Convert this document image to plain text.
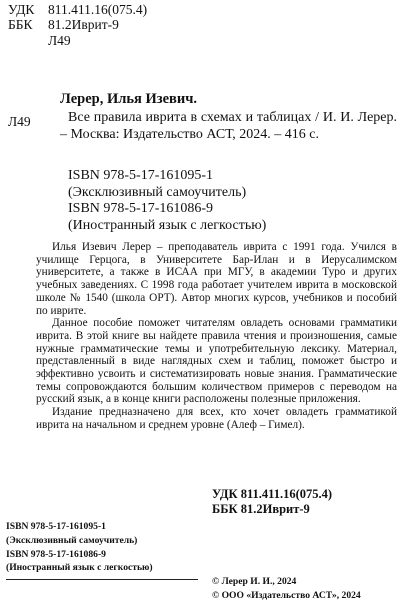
УДК 811.411.16(075.4)
ББК 81.2Иврит-9
Л49
Лерер, Илья Изевич.
Л49	Все правила иврита в схемах и таблицах / И. И. Лерер. – Москва: Издательство АСТ, 2024. – 416 с.
ISBN 978-5-17-161095-1
(Эксклюзивный самоучитель)
ISBN 978-5-17-161086-9
(Иностранный язык с легкостью)

Илья Изевич Лерер – преподаватель иврита с 1991 года. Учился в училище Герцога, в Университете Бар-Илан и в Иерусалимском университете, а также в ИСАА при МГУ, в академии Туро и других учебных заведениях. С 1998 года работает учителем иврита в московской школе № 1540 (школа ОРТ). Автор многих курсов, учебников и пособий по иврите.

Данное пособие поможет читателям овладеть основами грамматики иврита. В этой книге вы найдете правила чтения и произношения, самые нужные грамматические темы и употребительную лексику. Материал, представленный в виде наглядных схем и таблиц, поможет быстро и эффективно усвоить и систематизировать новые знания. Грамматические темы сопровождаются большим количеством примеров с переводом на русский язык, а в конце книги расположены полезные приложения.

Издание предназначено для всех, кто хочет овладеть грамматикой иврита на начальном и среднем уровне (Алеф – Гимел).

УДК 811.411.16(075.4)
ББК 81.2Иврит-9
ISBN 978-5-17-161095-1
(Эксклюзивный самоучитель)
ISBN 978-5-17-161086-9
(Иностранный язык с легкостью)
© Лерер И. И., 2024
© ООО «Издательство АСТ», 2024
